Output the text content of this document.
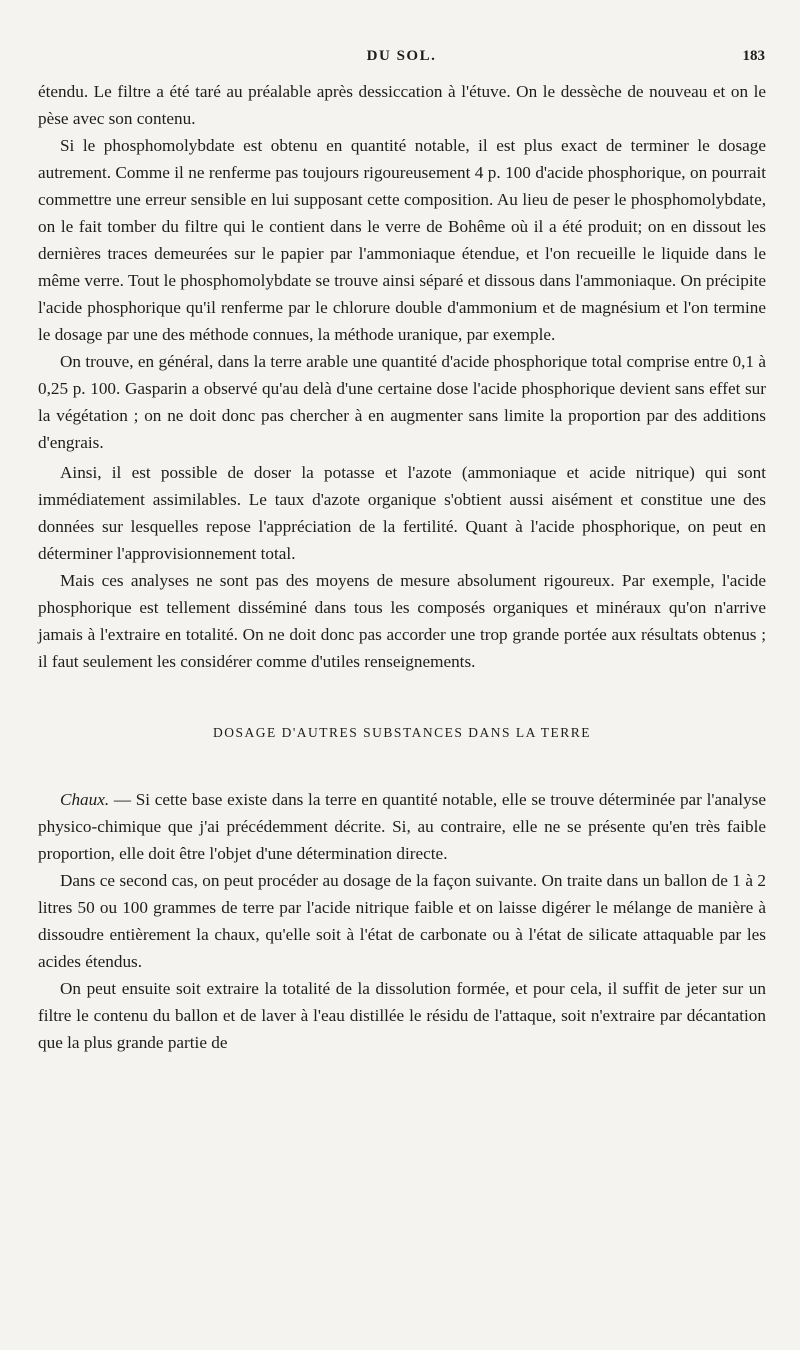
DU SOL.	183

étendu. Le filtre a été taré au préalable après dessiccation à l'étuve. On le dessèche de nouveau et on le pèse avec son contenu.

Si le phosphomolybdate est obtenu en quantité notable, il est plus exact de terminer le dosage autrement. Comme il ne renferme pas toujours rigoureusement 4 p. 100 d'acide phosphorique, on pourrait commettre une erreur sensible en lui supposant cette composition. Au lieu de peser le phosphomolybdate, on le fait tomber du filtre qui le contient dans le verre de Bohême où il a été produit; on en dissout les dernières traces demeurées sur le papier par l'ammoniaque étendue, et l'on recueille le liquide dans le même verre. Tout le phosphomolybdate se trouve ainsi séparé et dissous dans l'ammoniaque. On précipite l'acide phosphorique qu'il renferme par le chlorure double d'ammonium et de magnésium et l'on termine le dosage par une des méthode connues, la méthode uranique, par exemple.

On trouve, en général, dans la terre arable une quantité d'acide phosphorique total comprise entre 0,1 à 0,25 p. 100. Gasparin a observé qu'au delà d'une certaine dose l'acide phosphorique devient sans effet sur la végétation ; on ne doit donc pas chercher à en augmenter sans limite la proportion par des additions d'engrais.

Ainsi, il est possible de doser la potasse et l'azote (ammoniaque et acide nitrique) qui sont immédiatement assimilables. Le taux d'azote organique s'obtient aussi aisément et constitue une des données sur lesquelles repose l'appréciation de la fertilité. Quant à l'acide phosphorique, on peut en déterminer l'approvisionnement total.

Mais ces analyses ne sont pas des moyens de mesure absolument rigoureux. Par exemple, l'acide phosphorique est tellement disséminé dans tous les composés organiques et minéraux qu'on n'arrive jamais à l'extraire en totalité. On ne doit donc pas accorder une trop grande portée aux résultats obtenus ; il faut seulement les considérer comme d'utiles renseignements.

DOSAGE D'AUTRES SUBSTANCES DANS LA TERRE

Chaux. — Si cette base existe dans la terre en quantité notable, elle se trouve déterminée par l'analyse physico-chimique que j'ai précédemment décrite. Si, au contraire, elle ne se présente qu'en très faible proportion, elle doit être l'objet d'une détermination directe.

Dans ce second cas, on peut procéder au dosage de la façon suivante. On traite dans un ballon de 1 à 2 litres 50 ou 100 grammes de terre par l'acide nitrique faible et on laisse digérer le mélange de manière à dissoudre entièrement la chaux, qu'elle soit à l'état de carbonate ou à l'état de silicate attaquable par les acides étendus.

On peut ensuite soit extraire la totalité de la dissolution formée, et pour cela, il suffit de jeter sur un filtre le contenu du ballon et de laver à l'eau distillée le résidu de l'attaque, soit n'extraire par décantation que la plus grande partie de
